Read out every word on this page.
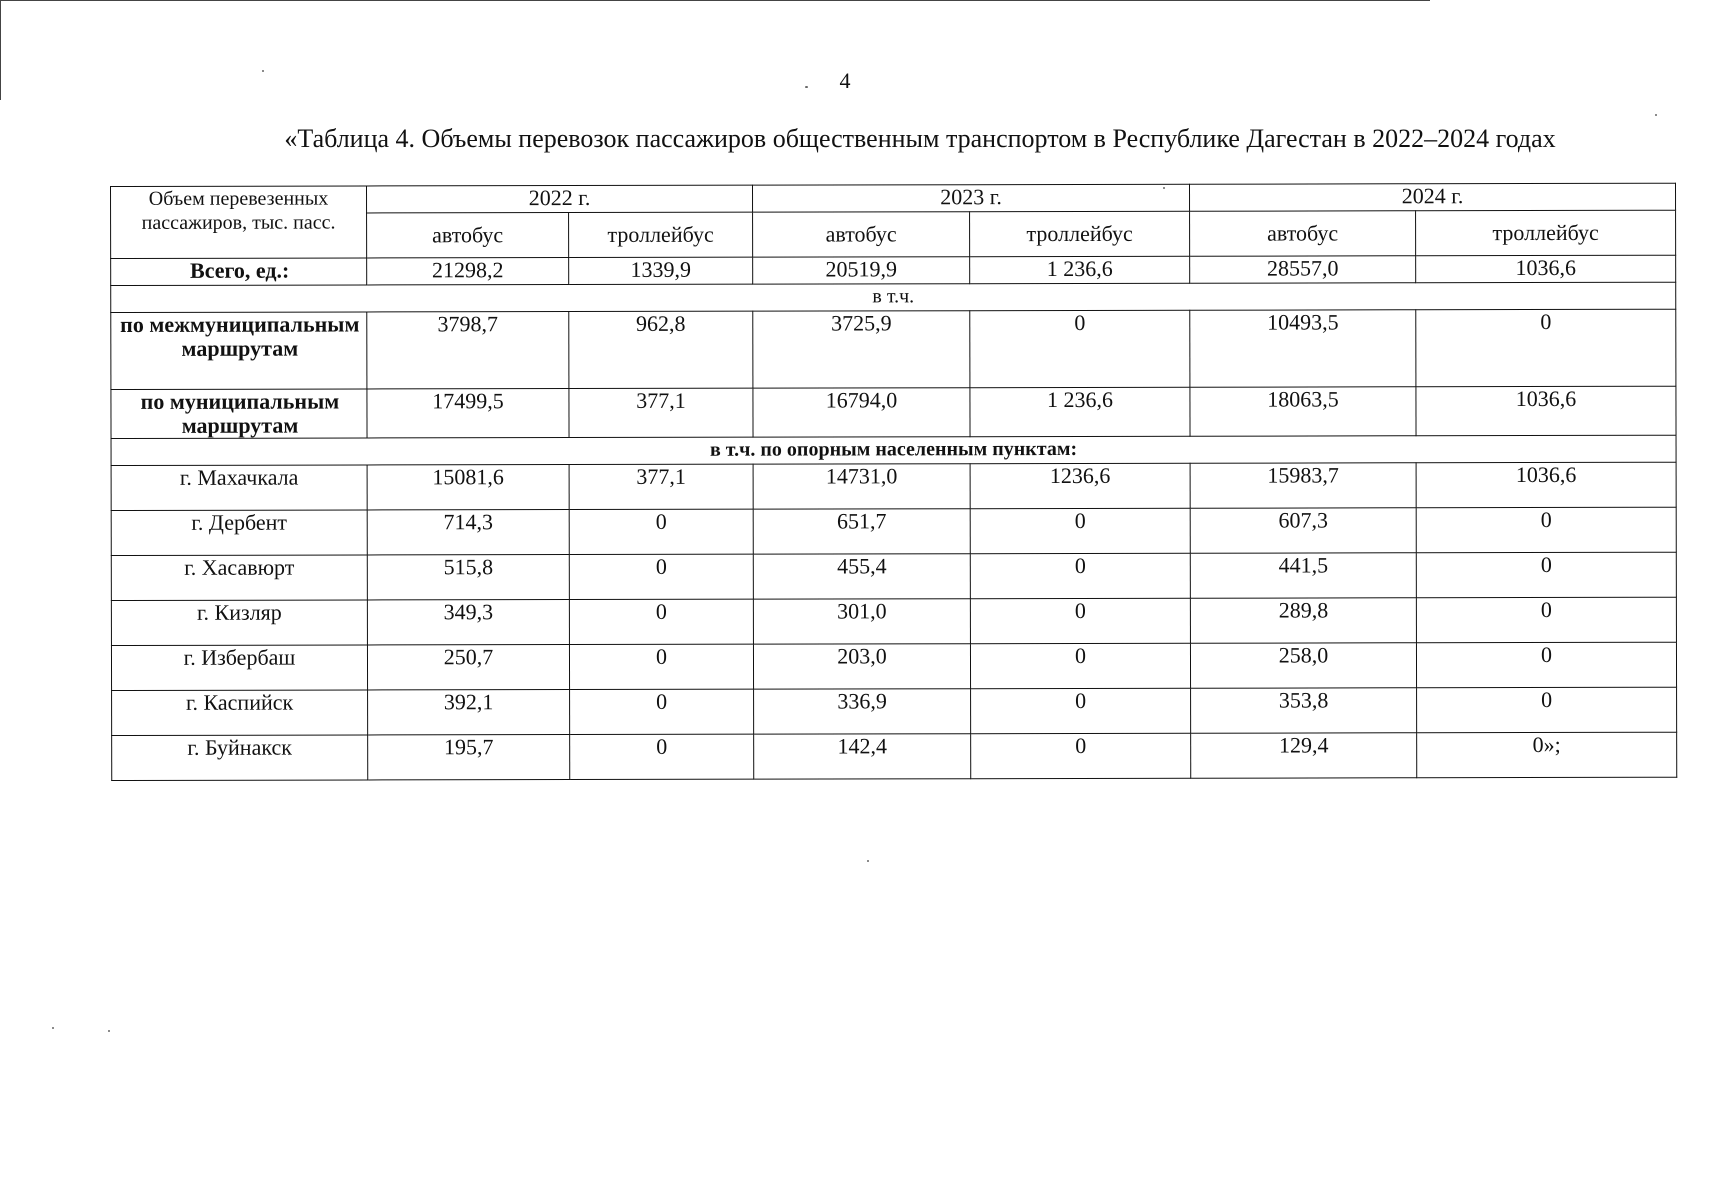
4
«Таблица 4. Объемы перевозок пассажиров общественным транспортом в Республике Дагестан в 2022–2024 годах
Объем перевезенных пассажиров, тыс. пасс.	2022 г.		2023 г.		2024 г.	
	автобус	троллейбус	автобус	троллейбус	автобус	троллейбус
Всего, ед.:	21298,2	1339,9	20519,9	1 236,6	28557,0	1036,6
в т.ч.						
по межмуниципальным маршрутам	3798,7	962,8	3725,9	0	10493,5	0
по муниципальным маршрутам	17499,5	377,1	16794,0	1 236,6	18063,5	1036,6
в т.ч. по опорным населенным пунктам:						
г. Махачкала	15081,6	377,1	14731,0	1236,6	15983,7	1036,6
г. Дербент	714,3	0	651,7	0	607,3	0
г. Хасавюрт	515,8	0	455,4	0	441,5	0
г. Кизляр	349,3	0	301,0	0	289,8	0
г. Избербаш	250,7	0	203,0	0	258,0	0
г. Каспийск	392,1	0	336,9	0	353,8	0
г. Буйнакск	195,7	0	142,4	0	129,4	0»;
